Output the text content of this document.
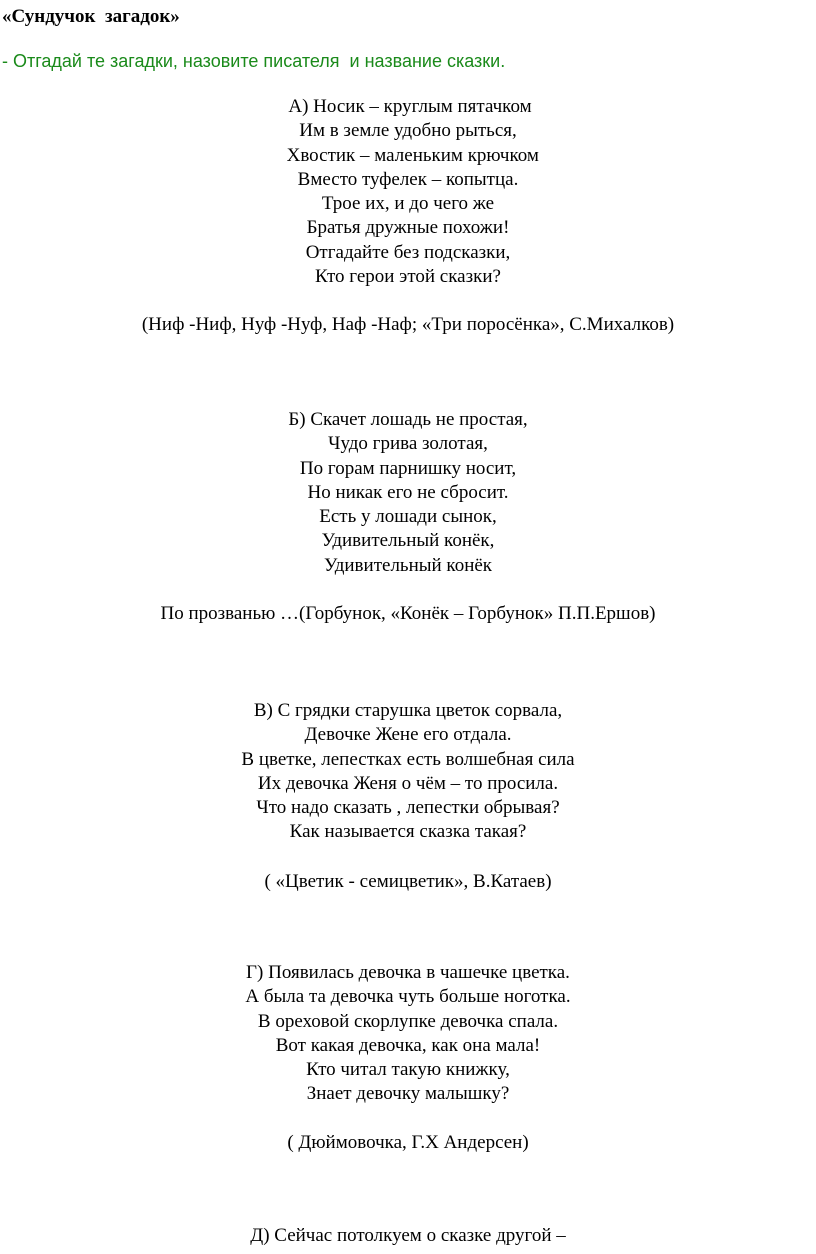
«Сундучок  загадок»
- Отгадай те загадки, назовите писателя  и название сказки.
А) Носик – круглым пятачком
Им в земле удобно рыться,
Хвостик – маленьким крючком
Вместо туфелек – копытца.
Трое их, и до чего же
Братья дружные похожи!
Отгадайте без подсказки,
Кто герои этой сказки?
(Ниф -Ниф, Нуф -Нуф, Наф -Наф; «Три поросёнка», С.Михалков)
Б) Скачет лошадь не простая,
Чудо грива золотая,
По горам парнишку носит,
Но никак его не сбросит.
Есть у лошади сынок,
Удивительный конёк,
Удивительный конёк
По прозванью …(Горбунок, «Конёк – Горбунок» П.П.Ершов)
В) С грядки старушка цветок сорвала,
Девочке Жене его отдала.
В цветке, лепестках есть волшебная сила
Их девочка Женя о чём – то просила.
Что надо сказать , лепестки обрывая?
Как называется сказка такая?
( «Цветик - семицветик», В.Катаев)
Г) Появилась девочка в чашечке цветка.
А была та девочка чуть больше ноготка.
В ореховой скорлупке девочка спала.
Вот какая девочка, как она мала!
Кто читал такую книжку,
Знает девочку малышку?
( Дюймовочка, Г.Х Андерсен)
Д) Сейчас потолкуем о сказке другой –
